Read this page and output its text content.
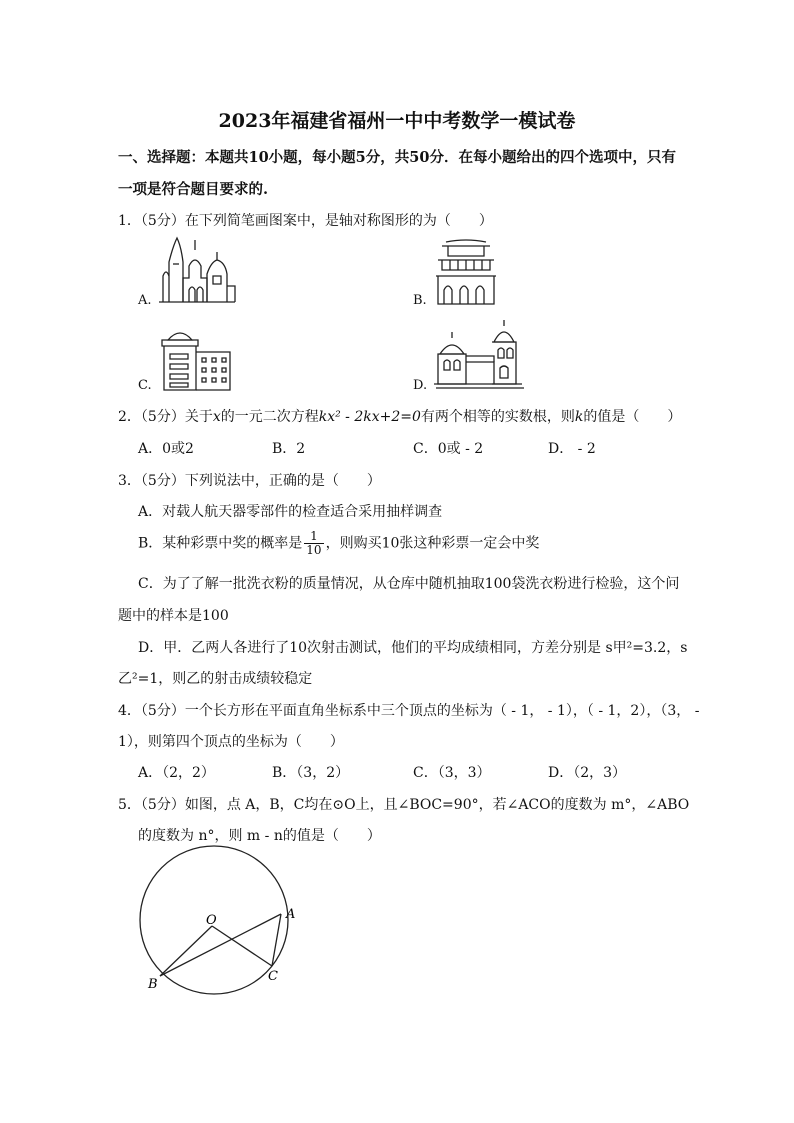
2023年福建省福州一中中考数学一模试卷
一、选择题：本题共10小题，每小题5分，共50分．在每小题给出的四个选项中，只有
一项是符合题目要求的.
1．（5分）在下列简笔画图案中，是轴对称图形的为（　　）
A.	B.
C.	D.
2．（5分）关于x的一元二次方程kx² - 2kx+2=0有两个相等的实数根，则k的值是（　　）
A．0或2	B．2	C．0或 - 2	D． - 2
3．（5分）下列说法中，正确的是（　　）
A．对载人航天器零部件的检查适合采用抽样调查
B．某种彩票中奖的概率是 $\frac{1}{10}$ ，则购买10张这种彩票一定会中奖
C．为了了解一批洗衣粉的质量情况，从仓库中随机抽取100袋洗衣粉进行检验，这个问
题中的样本是100
D．甲．乙两人各进行了10次射击测试，他们的平均成绩相同，方差分别是 s甲²=3.2，s
乙²=1，则乙的射击成绩较稳定
4．（5分）一个长方形在平面直角坐标系中三个顶点的坐标为（ - 1， - 1），（ - 1，2），（3， -
1），则第四个顶点的坐标为（　　）
A．（2，2）	B．（3，2）	C．（3，3）	D．（2，3）
5．（5分）如图，点 A，B，C均在⊙O上，且∠BOC=90°，若∠ACO的度数为 m°，∠ABO
的度数为 n°，则 m - n的值是（　　）
O	A
B
C
